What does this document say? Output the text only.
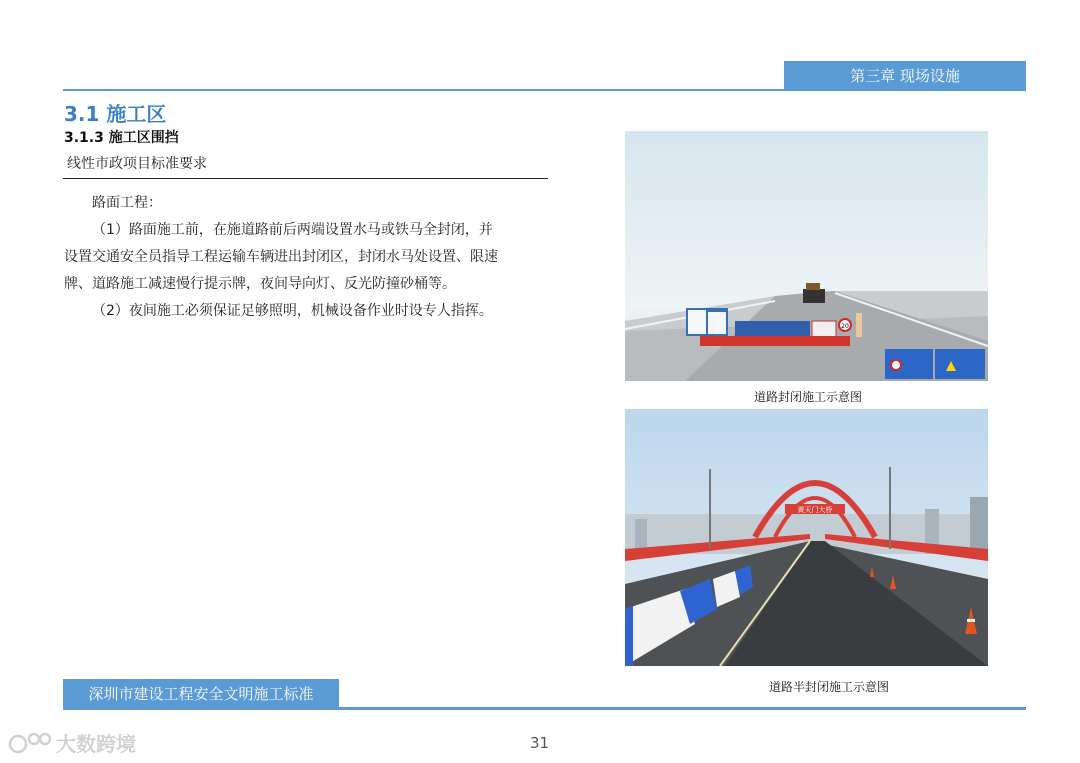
第三章 现场设施
3.1 施工区
3.1.3 施工区围挡
线性市政项目标准要求

路面工程：

（1）路面施工前，在施道路前后两端设置水马或铁马全封闭，并设置交通安全员指导工程运输车辆进出封闭区，封闭水马处设置、限速牌、道路施工减速慢行提示牌，夜间导向灯、反光防撞砂桶等。

（2）夜间施工必须保证足够照明，机械设备作业时设专人指挥。

20
道路封闭施工示意图
黄天门大桥
道路半封闭施工示意图
深圳市建设工程安全文明施工标准
31
大数跨境
